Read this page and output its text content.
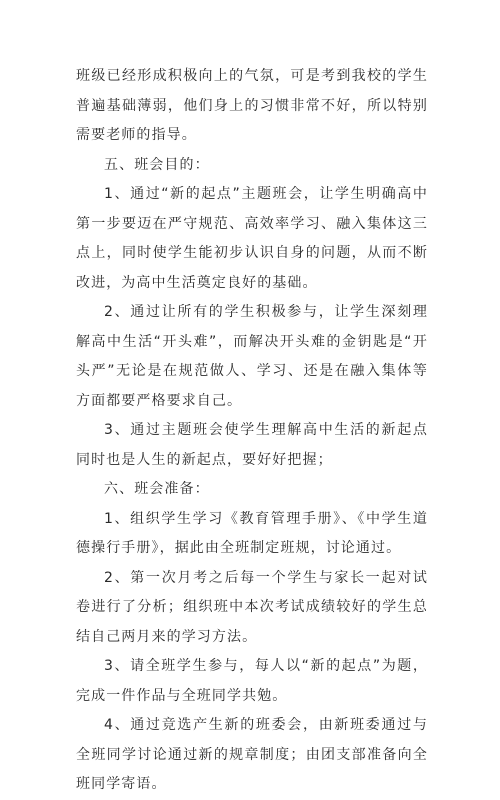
班级已经形成积极向上的气氛，可是考到我校的学生普遍基础薄弱，他们身上的习惯非常不好，所以特别需要老师的指导。

五、班会目的：

1、通过“新的起点”主题班会，让学生明确高中第一步要迈在严守规范、高效率学习、融入集体这三点上，同时使学生能初步认识自身的问题，从而不断改进，为高中生活奠定良好的基础。

2、通过让所有的学生积极参与，让学生深刻理解高中生活“开头难”，而解决开头难的金钥匙是“开头严”无论是在规范做人、学习、还是在融入集体等方面都要严格要求自己。

3、通过主题班会使学生理解高中生活的新起点同时也是人生的新起点，要好好把握；

六、班会准备：

1、组织学生学习《教育管理手册》、《中学生道德操行手册》，据此由全班制定班规，讨论通过。

2、第一次月考之后每一个学生与家长一起对试卷进行了分析；组织班中本次考试成绩较好的学生总结自己两月来的学习方法。

3、请全班学生参与，每人以“新的起点”为题，完成一件作品与全班同学共勉。

4、通过竞选产生新的班委会，由新班委通过与全班同学讨论通过新的规章制度；由团支部准备向全班同学寄语。
